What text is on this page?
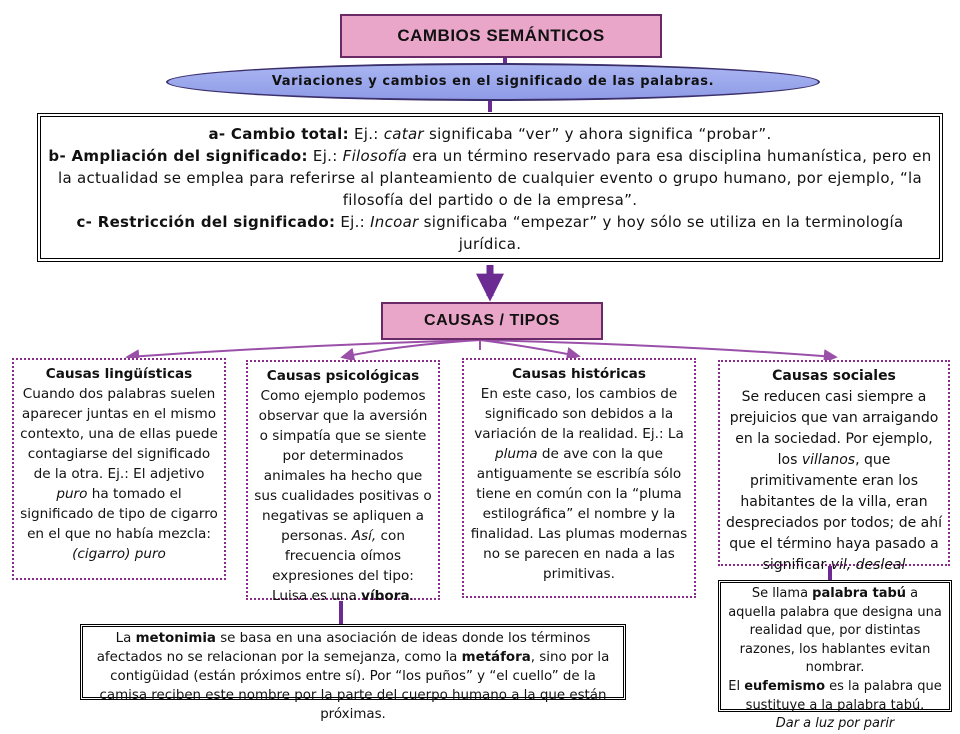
CAMBIOS SEMÁNTICOS
Variaciones y cambios en el significado de las palabras.

a- Cambio total: Ej.: catar significaba “ver” y ahora significa “probar”.

b- Ampliación del significado: Ej.: Filosofía era un término reservado para esa disciplina humanística, pero en la actualidad se emplea para referirse al planteamiento de cualquier evento o grupo humano, por ejemplo, “la filosofía del partido o de la empresa”.

c- Restricción del significado: Ej.: Incoar significaba “empezar” y hoy sólo se utiliza en la terminología jurídica.

CAUSAS / TIPOS
Causas lingüísticas
Cuando dos palabras suelen aparecer juntas en el mismo contexto, una de ellas puede contagiarse del significado de la otra. Ej.: El adjetivo puro ha tomado el significado de tipo de cigarro en el que no había mezcla: (cigarro) puro
Causas psicológicas
Como ejemplo podemos observar que la aversión o simpatía que se siente por determinados animales ha hecho que sus cualidades positivas o negativas se apliquen a personas. Así, con frecuencia oímos expresiones del tipo: Luisa es una víbora.
Causas históricas
En este caso, los cambios de significado son debidos a la variación de la realidad. Ej.: La pluma de ave con la que antiguamente se escribía sólo tiene en común con la “pluma estilográfica” el nombre y la finalidad. Las plumas modernas no se parecen en nada a las primitivas.
Causas sociales
Se reducen casi siempre a prejuicios que van arraigando en la sociedad. Por ejemplo, los villanos, que primitivamente eran los habitantes de la villa, eran despreciados por todos; de ahí que el término haya pasado a significar vil, desleal
La metonimia se basa en una asociación de ideas donde los términos afectados no se relacionan por la semejanza, como la metáfora, sino por la contigüidad (están próximos entre sí). Por “los puños” y “el cuello” de la camisa reciben este nombre por la parte del cuerpo humano a la que están próximas.
Se llama palabra tabú a aquella palabra que designa una realidad que, por distintas razones, los hablantes evitan nombrar.
El eufemismo es la palabra que sustituye a la palabra tabú.
Dar a luz por parir
